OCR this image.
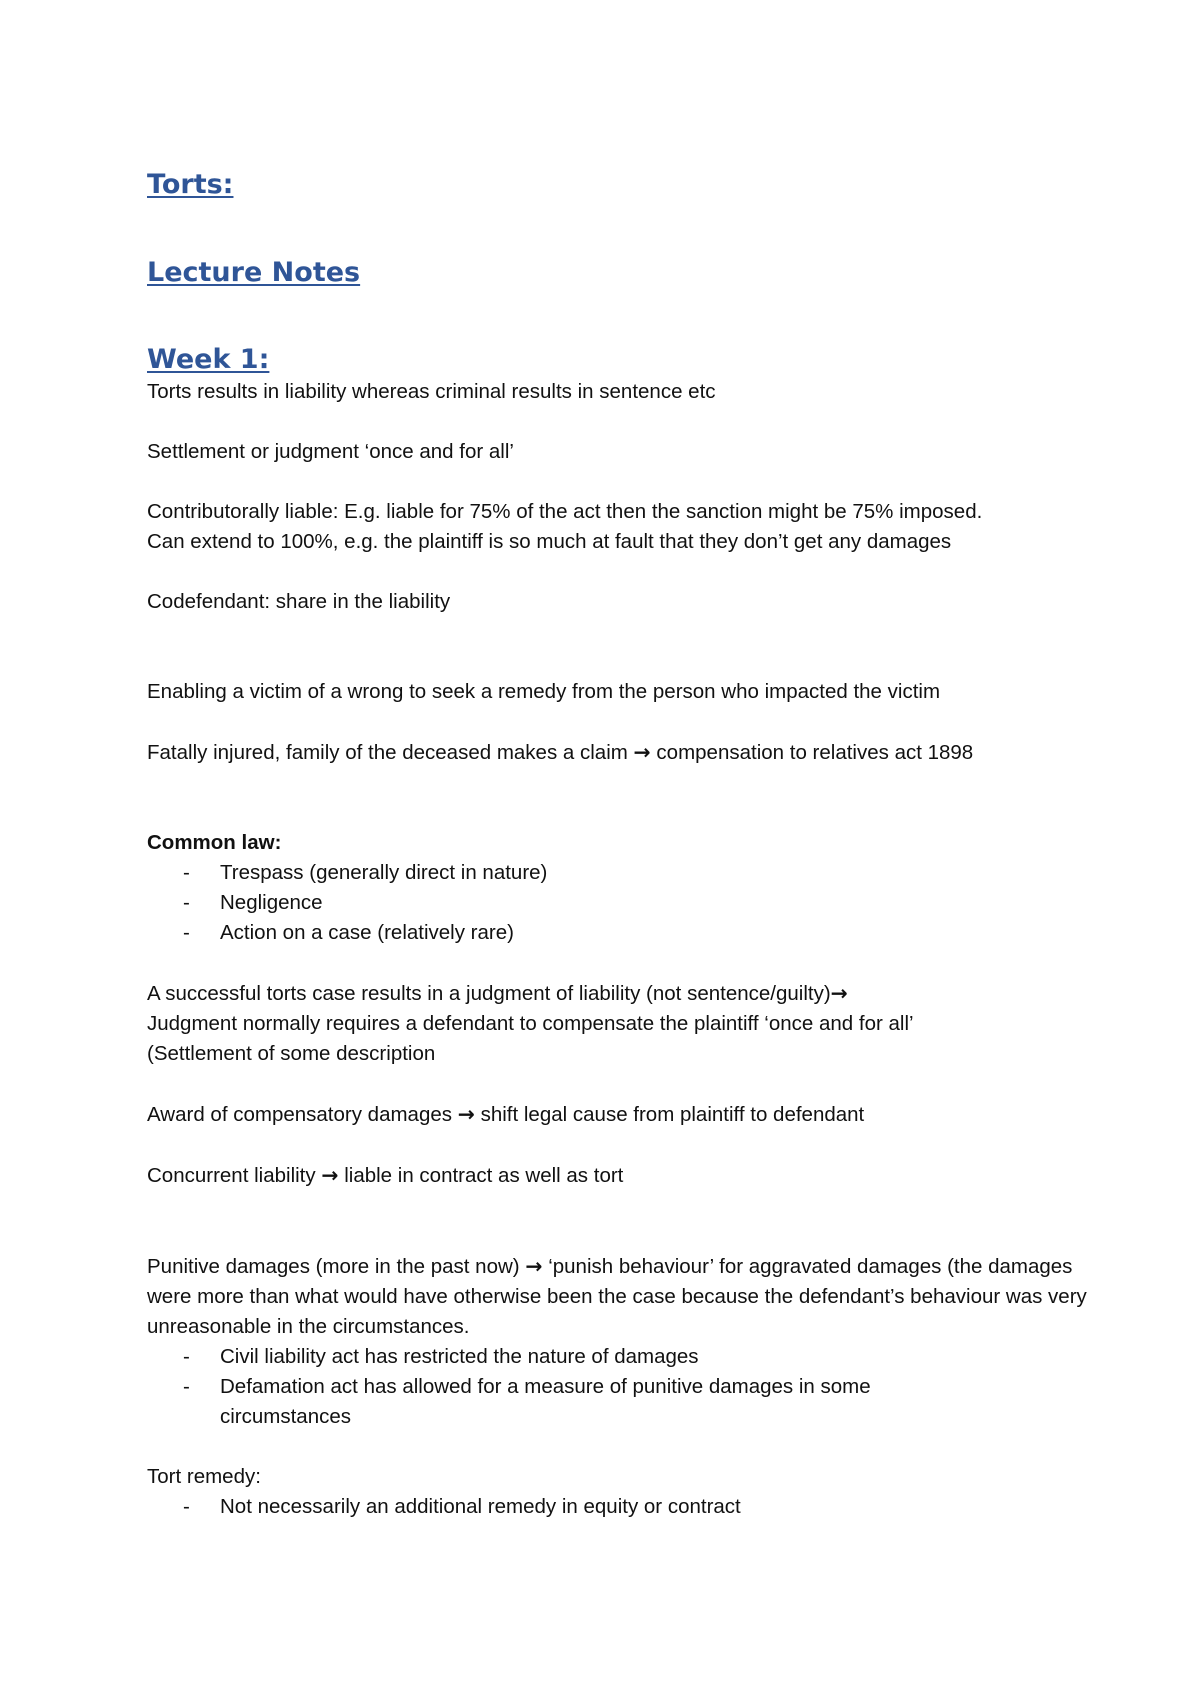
Torts:
Lecture Notes
Week 1:

Torts results in liability whereas criminal results in sentence etc

Settlement or judgment ‘once and for all’

Contributorally liable: E.g. liable for 75% of the act then the sanction might be 75% imposed.

Can extend to 100%, e.g. the plaintiff is so much at fault that they don’t get any damages

Codefendant: share in the liability

Enabling a victim of a wrong to seek a remedy from the person who impacted the victim

Fatally injured, family of the deceased makes a claim → compensation to relatives act 1898

Common law:

- Trespass (generally direct in nature)
- Negligence
- Action on a case (relatively rare)

A successful torts case results in a judgment of liability (not sentence/guilty)→

Judgment normally requires a defendant to compensate the plaintiff ‘once and for all’

(Settlement of some description

Award of compensatory damages → shift legal cause from plaintiff to defendant

Concurrent liability → liable in contract as well as tort

Punitive damages (more in the past now) → ‘punish behaviour’ for aggravated damages (the damages were more than what would have otherwise been the case because the defendant’s behaviour was very unreasonable in the circumstances.

- Civil liability act has restricted the nature of damages
- Defamation act has allowed for a measure of punitive damages in some circumstances

Tort remedy:

- Not necessarily an additional remedy in equity or contract
